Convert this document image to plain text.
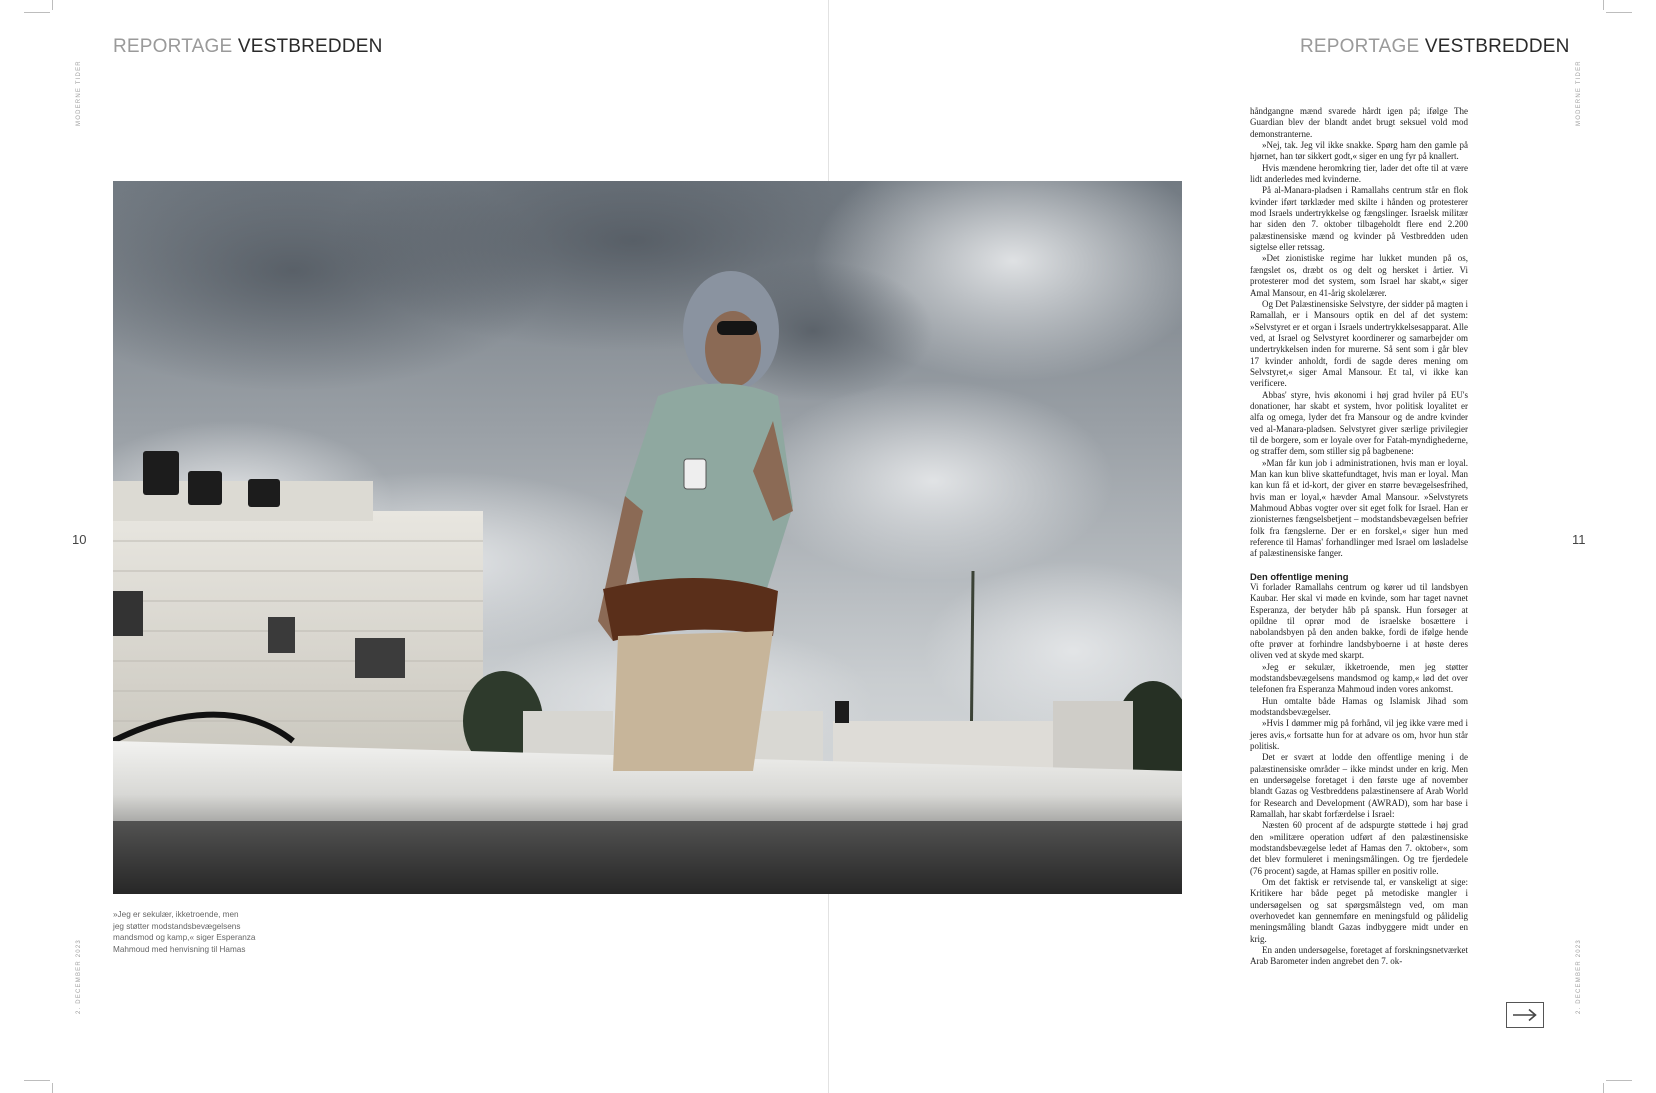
REPORTAGE VESTBREDDEN
MODERNE TIDER
2. DECEMBER 2023
10

»Jeg er sekulær, ikketroende, men

jeg støtter modstandsbevægelsens

mandsmod og kamp,« siger Esperanza

Mahmoud med henvisning til Hamas

REPORTAGE VESTBREDDEN
MODERNE TIDER
2. DECEMBER 2023
11

håndgangne mænd svarede hårdt igen på; ifølge The Guardian blev der blandt andet brugt seksuel vold mod demonstranterne.

»Nej, tak. Jeg vil ikke snakke. Spørg ham den gamle på hjørnet, han tør sikkert godt,« siger en ung fyr på knallert.

Hvis mændene heromkring tier, lader det ofte til at være lidt anderledes med kvinderne.

På al-Manara-pladsen i Ramallahs centrum står en flok kvinder iført tørklæder med skilte i hånden og protesterer mod Israels undertrykkelse og fængslinger. Israelsk militær har siden den 7. oktober tilbageholdt flere end 2.200 palæstinensiske mænd og kvinder på Vestbredden uden sigtelse eller retssag.

»Det zionistiske regime har lukket munden på os, fængslet os, dræbt os og delt og hersket i årtier. Vi protesterer mod det system, som Israel har skabt,« siger Amal Mansour, en 41-årig skolelærer.

Og Det Palæstinensiske Selvstyre, der sidder på magten i Ramallah, er i Mansours optik en del af det system: »Selvstyret er et organ i Israels undertrykkelsesapparat. Alle ved, at Israel og Selvstyret koordinerer og samarbejder om undertrykkelsen inden for murerne. Så sent som i går blev 17 kvinder anholdt, fordi de sagde deres mening om Selvstyret,« siger Amal Mansour. Et tal, vi ikke kan verificere.

Abbas' styre, hvis økonomi i høj grad hviler på EU's donationer, har skabt et system, hvor politisk loyalitet er alfa og omega, lyder det fra Mansour og de andre kvinder ved al-Manara-pladsen. Selvstyret giver særlige privilegier til de borgere, som er loyale over for Fatah-myndighederne, og straffer dem, som stiller sig på bagbenene:

»Man får kun job i administrationen, hvis man er loyal. Man kan kun blive skattefundtaget, hvis man er loyal. Man kan kun få et id-kort, der giver en større bevægelsesfrihed, hvis man er loyal,« hævder Amal Mansour. »Selvstyrets Mahmoud Abbas vogter over sit eget folk for Israel. Han er zionisternes fængselsbetjent – modstandsbevægelsen befrier folk fra fængslerne. Der er en forskel,« siger hun med reference til Hamas' forhandlinger med Israel om løsladelse af palæstinensiske fanger.

Den offentlige mening

Vi forlader Ramallahs centrum og kører ud til landsbyen Kaubar. Her skal vi møde en kvinde, som har taget navnet Esperanza, der betyder håb på spansk. Hun forsøger at opildne til oprør mod de israelske bosættere i nabolandsbyen på den anden bakke, fordi de ifølge hende ofte prøver at forhindre landsbyboerne i at høste deres oliven ved at skyde med skarpt.

»Jeg er sekulær, ikketroende, men jeg støtter modstandsbevægelsens mandsmod og kamp,« lød det over telefonen fra Esperanza Mahmoud inden vores ankomst.

Hun omtalte både Hamas og Islamisk Jihad som modstandsbevægelser.

»Hvis I dømmer mig på forhånd, vil jeg ikke være med i jeres avis,« fortsatte hun for at advare os om, hvor hun står politisk.

Det er svært at lodde den offentlige mening i de palæstinensiske områder – ikke mindst under en krig. Men en undersøgelse foretaget i den første uge af november blandt Gazas og Vestbreddens palæstinensere af Arab World for Research and Development (AWRAD), som har base i Ramallah, har skabt forfærdelse i Israel:

Næsten 60 procent af de adspurgte støttede i høj grad den »militære operation udført af den palæstinensiske modstandsbevægelse ledet af Hamas den 7. oktober«, som det blev formuleret i meningsmålingen. Og tre fjerdedele (76 procent) sagde, at Hamas spiller en positiv rolle.

Om det faktisk er retvisende tal, er vanskeligt at sige: Kritikere har både peget på metodiske mangler i undersøgelsen og sat spørgsmålstegn ved, om man overhovedet kan gennemføre en meningsfuld og pålidelig meningsmåling blandt Gazas indbyggere midt under en krig.

En anden undersøgelse, foretaget af forskningsnetværket Arab Barometer inden angrebet den 7. ok-
